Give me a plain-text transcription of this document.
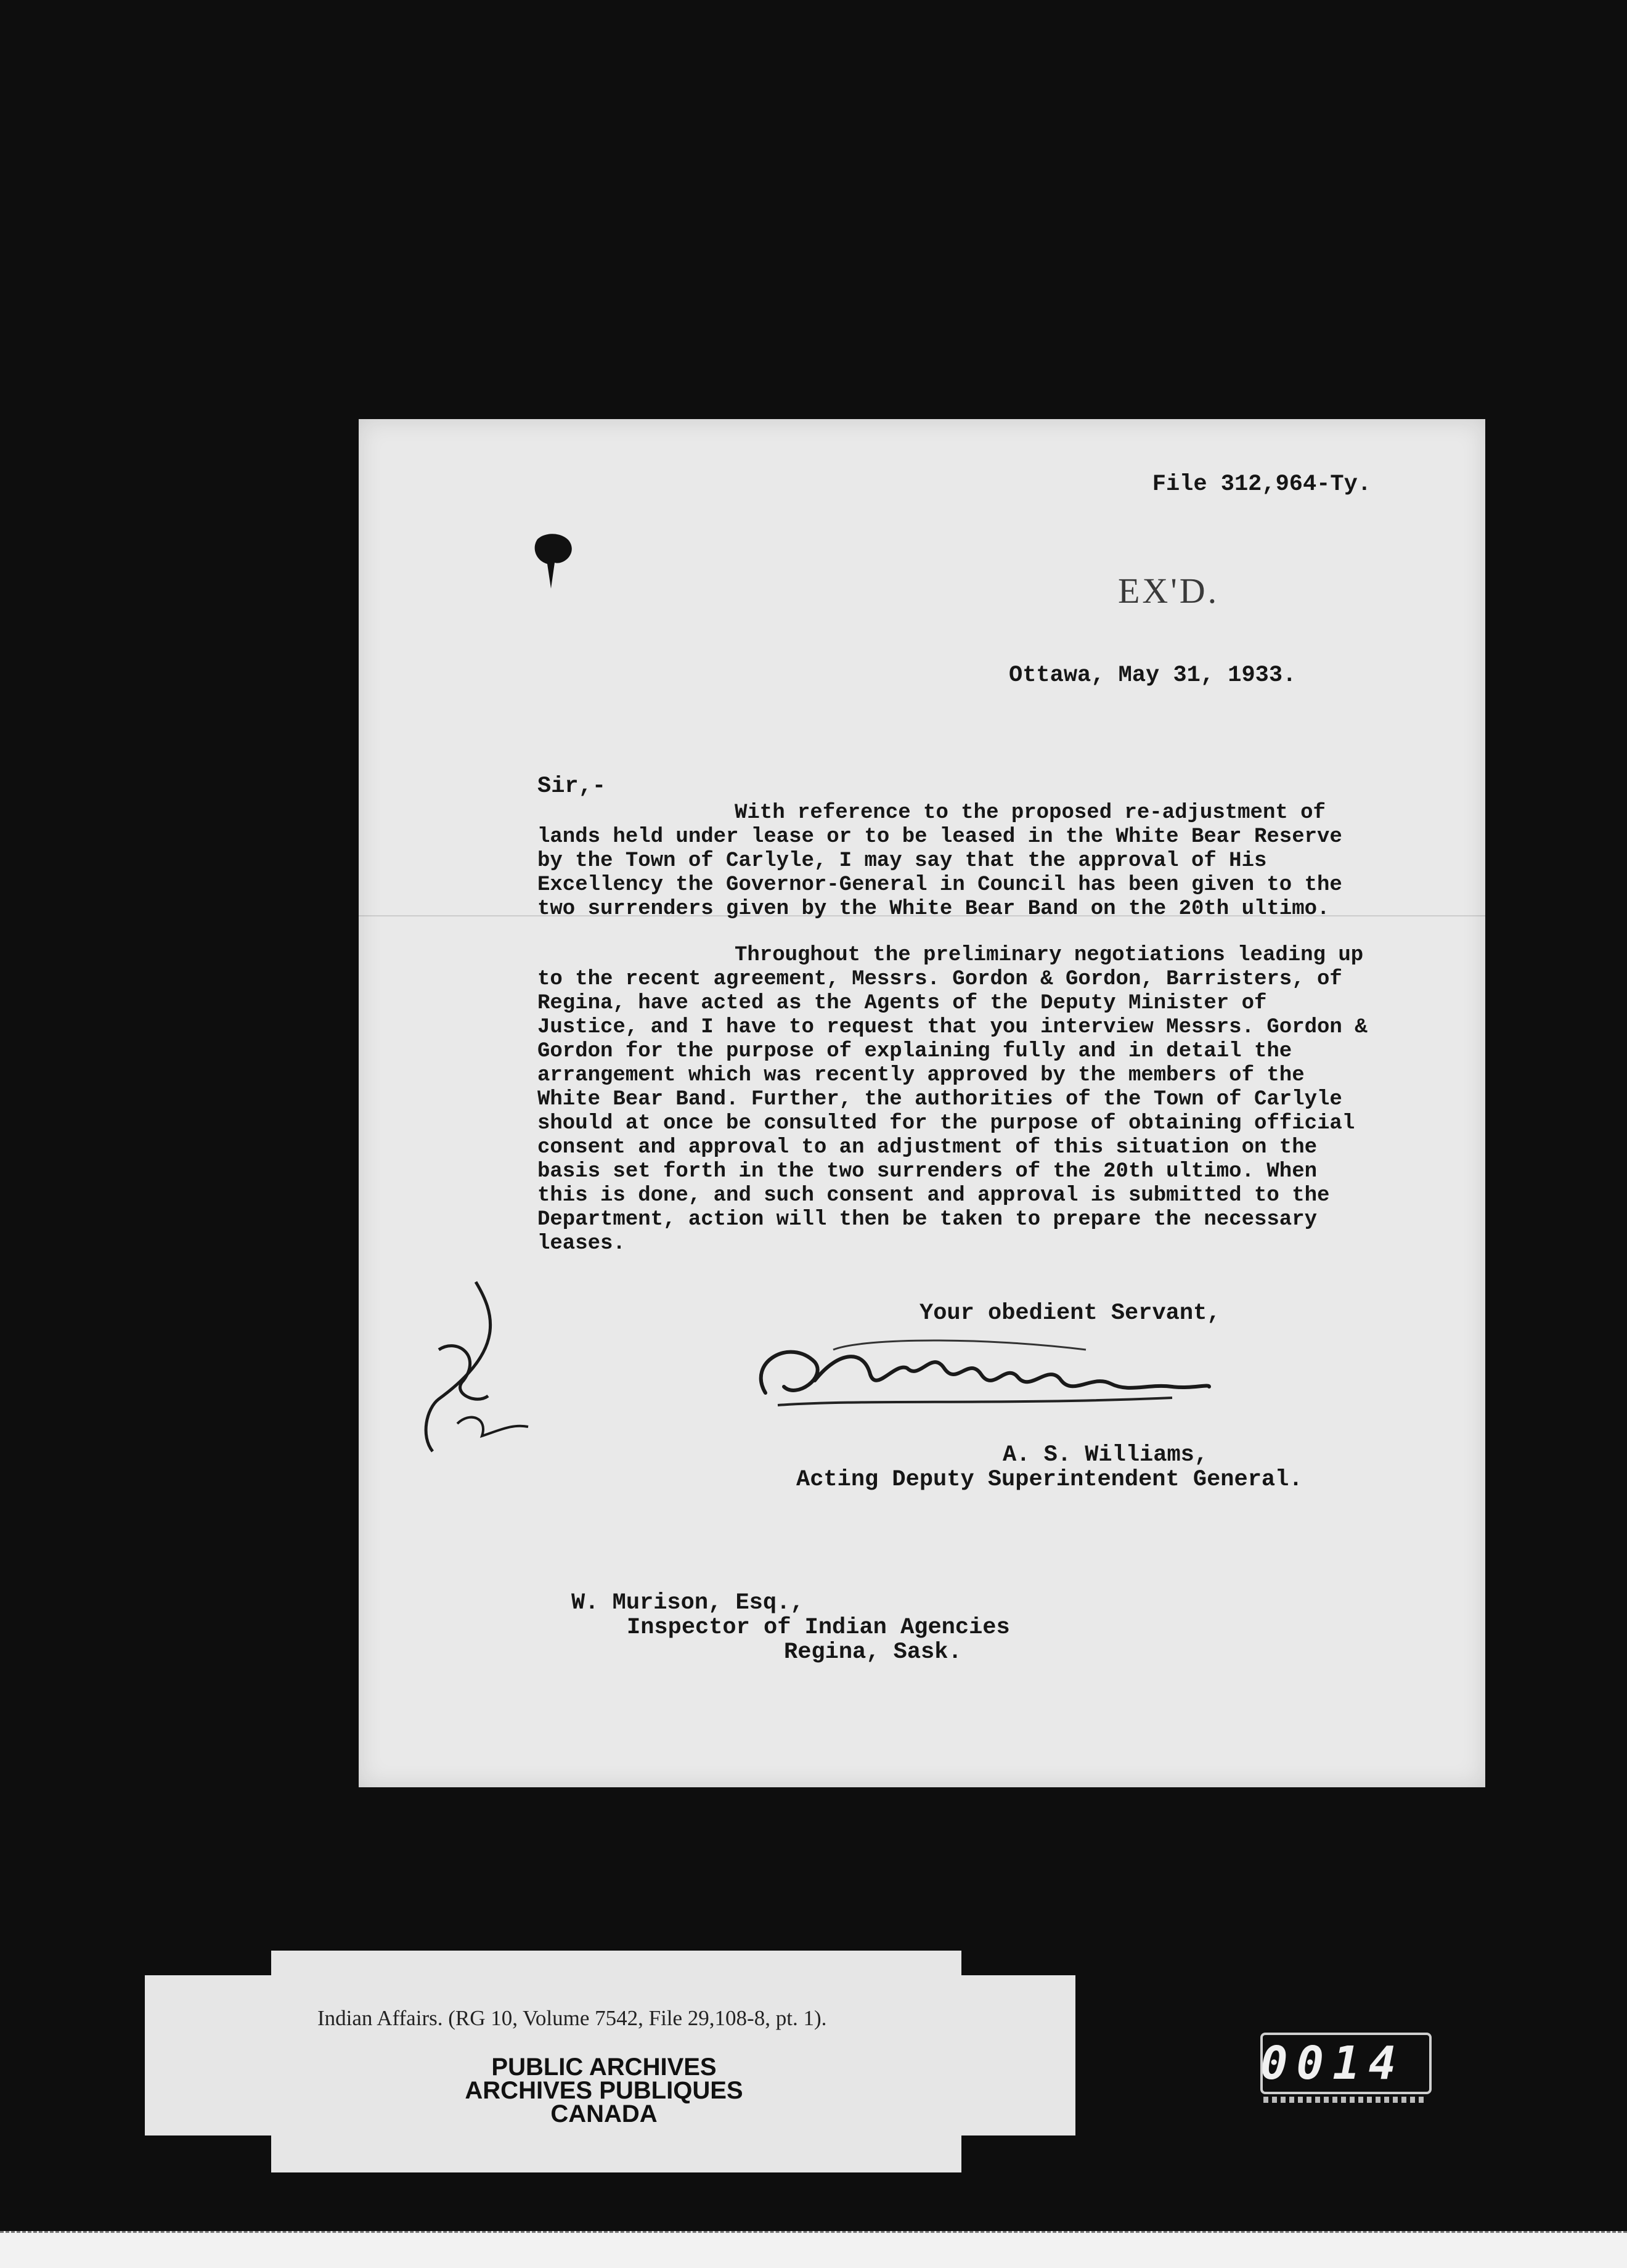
File 312,964-Ty.
EX'D.
Ottawa, May 31, 1933.
Sir,-

With reference to the proposed re-adjustment of lands held under lease or to be leased in the White Bear Reserve by the Town of Carlyle, I may say that the approval of His Excellency the Governor-General in Council has been given to the two surrenders given by the White Bear Band on the 20th ultimo.

Throughout the preliminary negotiations leading up to the recent agreement, Messrs. Gordon & Gordon, Barristers, of Regina, have acted as the Agents of the Deputy Minister of Justice, and I have to request that you interview Messrs. Gordon & Gordon for the purpose of explaining fully and in detail the arrangement which was recently approved by the members of the White Bear Band. Further, the authorities of the Town of Carlyle should at once be consulted for the purpose of obtaining official consent and approval to an adjustment of this situation on the basis set forth in the two surrenders of the 20th ultimo. When this is done, and such consent and approval is submitted to the Department, action will then be taken to prepare the necessary leases.

Your obedient Servant,
A. S. Williams,
Acting Deputy Superintendent General.
W. Murison, Esq.,
Inspector of Indian Agencies
Regina, Sask.
Indian Affairs. (RG 10, Volume 7542, File 29,108-8, pt. 1).
PUBLIC ARCHIVES
ARCHIVES PUBLIQUES
CANADA
0014
